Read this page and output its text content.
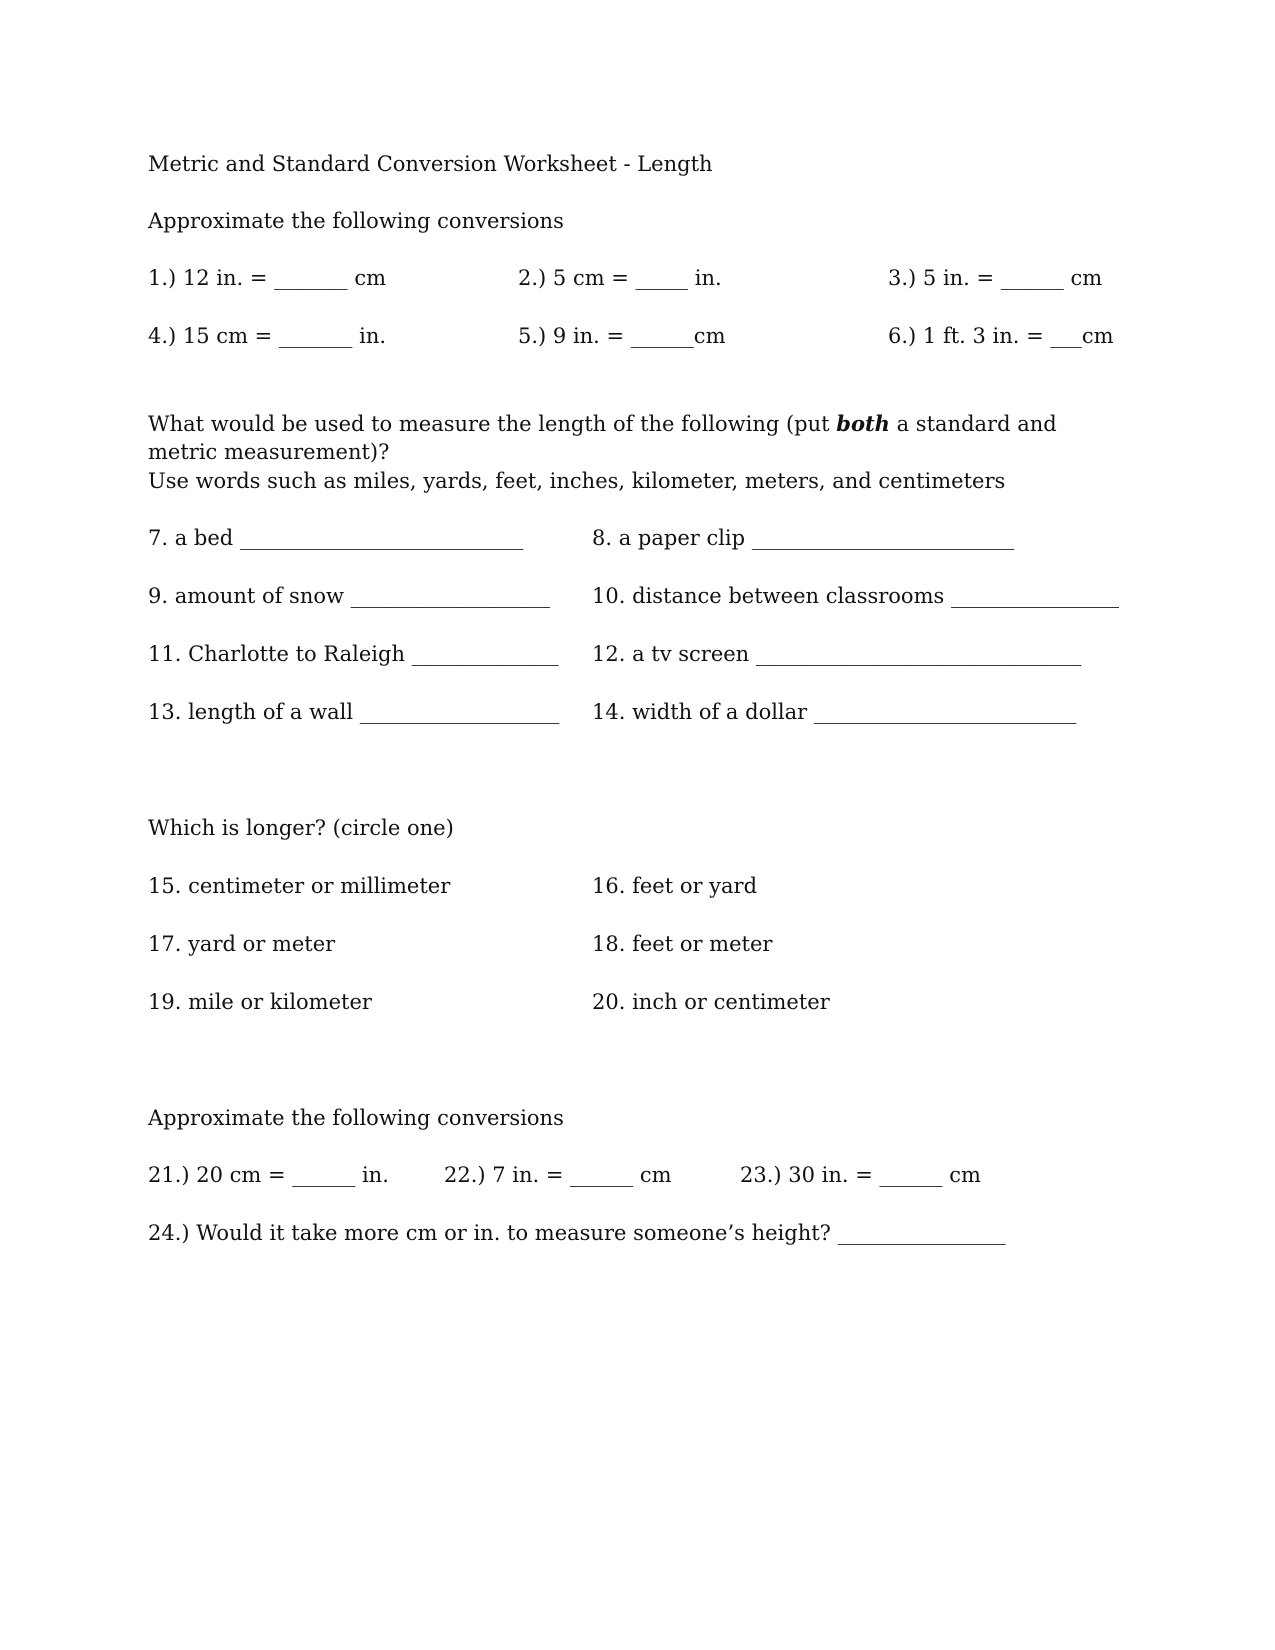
Metric and Standard Conversion Worksheet - Length
Approximate the following conversions
1.) 12 in. = _______ cm	2.) 5 cm = _____ in.	3.) 5 in. = ______ cm
4.) 15 cm = _______ in.	5.) 9 in. = ______cm	6.) 1 ft. 3 in. = ___cm
What would be used to measure the length of the following (put both a standard and metric measurement)?
Use words such as miles, yards, feet, inches, kilometer, meters, and centimeters
7. a bed ___________________________	8. a paper clip _________________________
9. amount of snow ___________________ 10. distance between classrooms ________________
11. Charlotte to Raleigh ______________ 12. a tv screen _______________________________
13. length of a wall ___________________ 14. width of a dollar _________________________
Which is longer? (circle one)
15. centimeter or millimeter	16. feet or yard
17. yard or meter	18. feet or meter
19. mile or kilometer	20. inch or centimeter
Approximate the following conversions
21.) 20 cm = ______ in.	22.) 7 in. = ______ cm	23.) 30 in. = ______ cm
24.) Would it take more cm or in. to measure someone’s height? ________________
